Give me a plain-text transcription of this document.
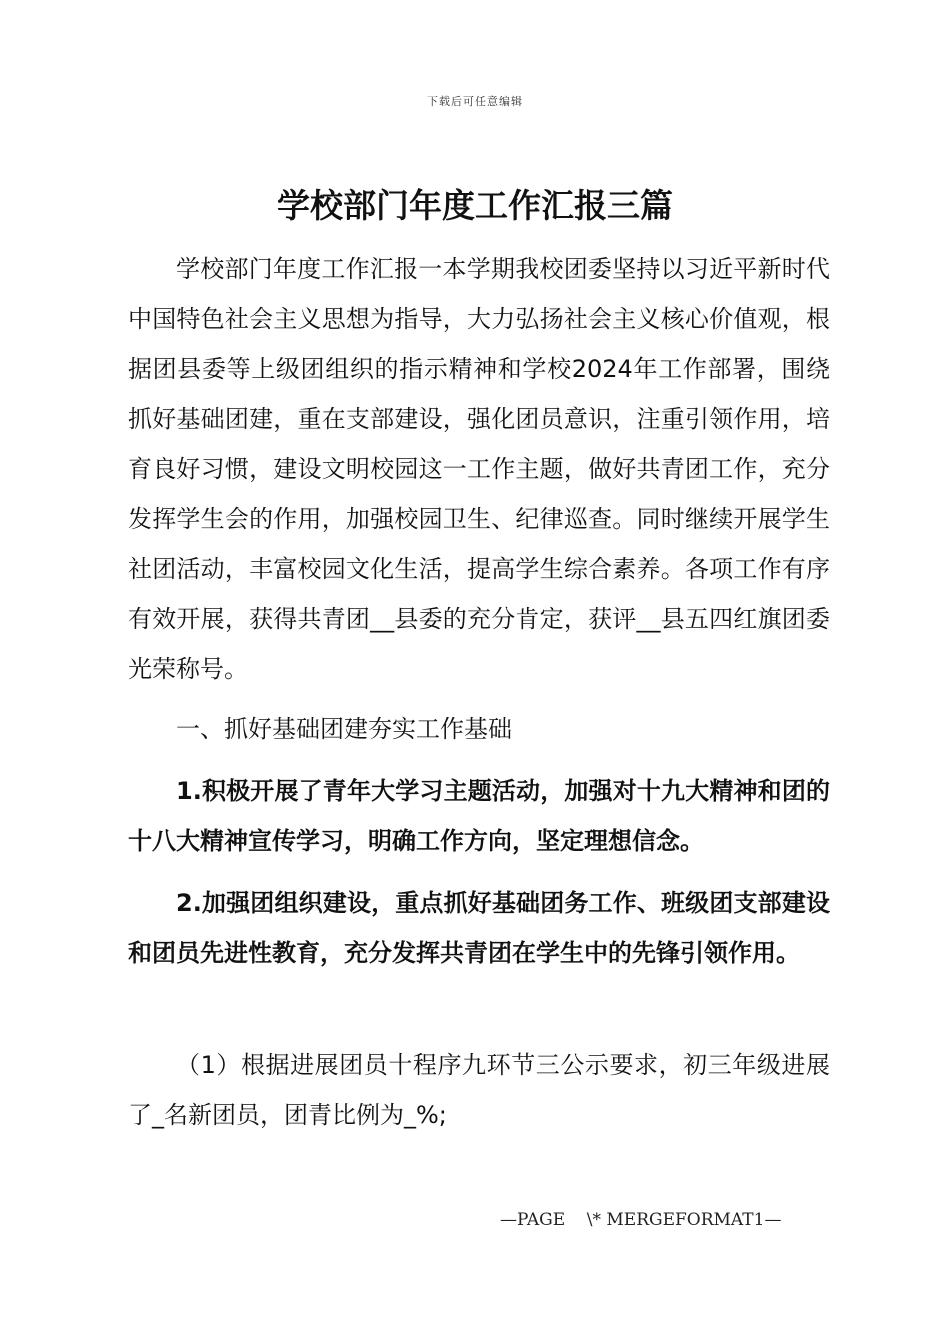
下载后可任意编辑
学校部门年度工作汇报三篇

学校部门年度工作汇报一本学期我校团委坚持以习近平新时代中国特色社会主义思想为指导，大力弘扬社会主义核心价值观，根据团县委等上级团组织的指示精神和学校2024年工作部署，围绕抓好基础团建，重在支部建设，强化团员意识，注重引领作用，培育良好习惯，建设文明校园这一工作主题，做好共青团工作，充分发挥学生会的作用，加强校园卫生、纪律巡查。同时继续开展学生社团活动，丰富校园文化生活，提高学生综合素养。各项工作有序有效开展，获得共青团__县委的充分肯定，获评__县五四红旗团委光荣称号。

一、抓好基础团建夯实工作基础

1.积极开展了青年大学习主题活动，加强对十九大精神和团的十八大精神宣传学习，明确工作方向，坚定理想信念。

2.加强团组织建设，重点抓好基础团务工作、班级团支部建设和团员先进性教育，充分发挥共青团在学生中的先锋引领作用。

（1）根据进展团员十程序九环节三公示要求，初三年级进展了_名新团员，团青比例为_%;

—PAGE    \* MERGEFORMAT1—
